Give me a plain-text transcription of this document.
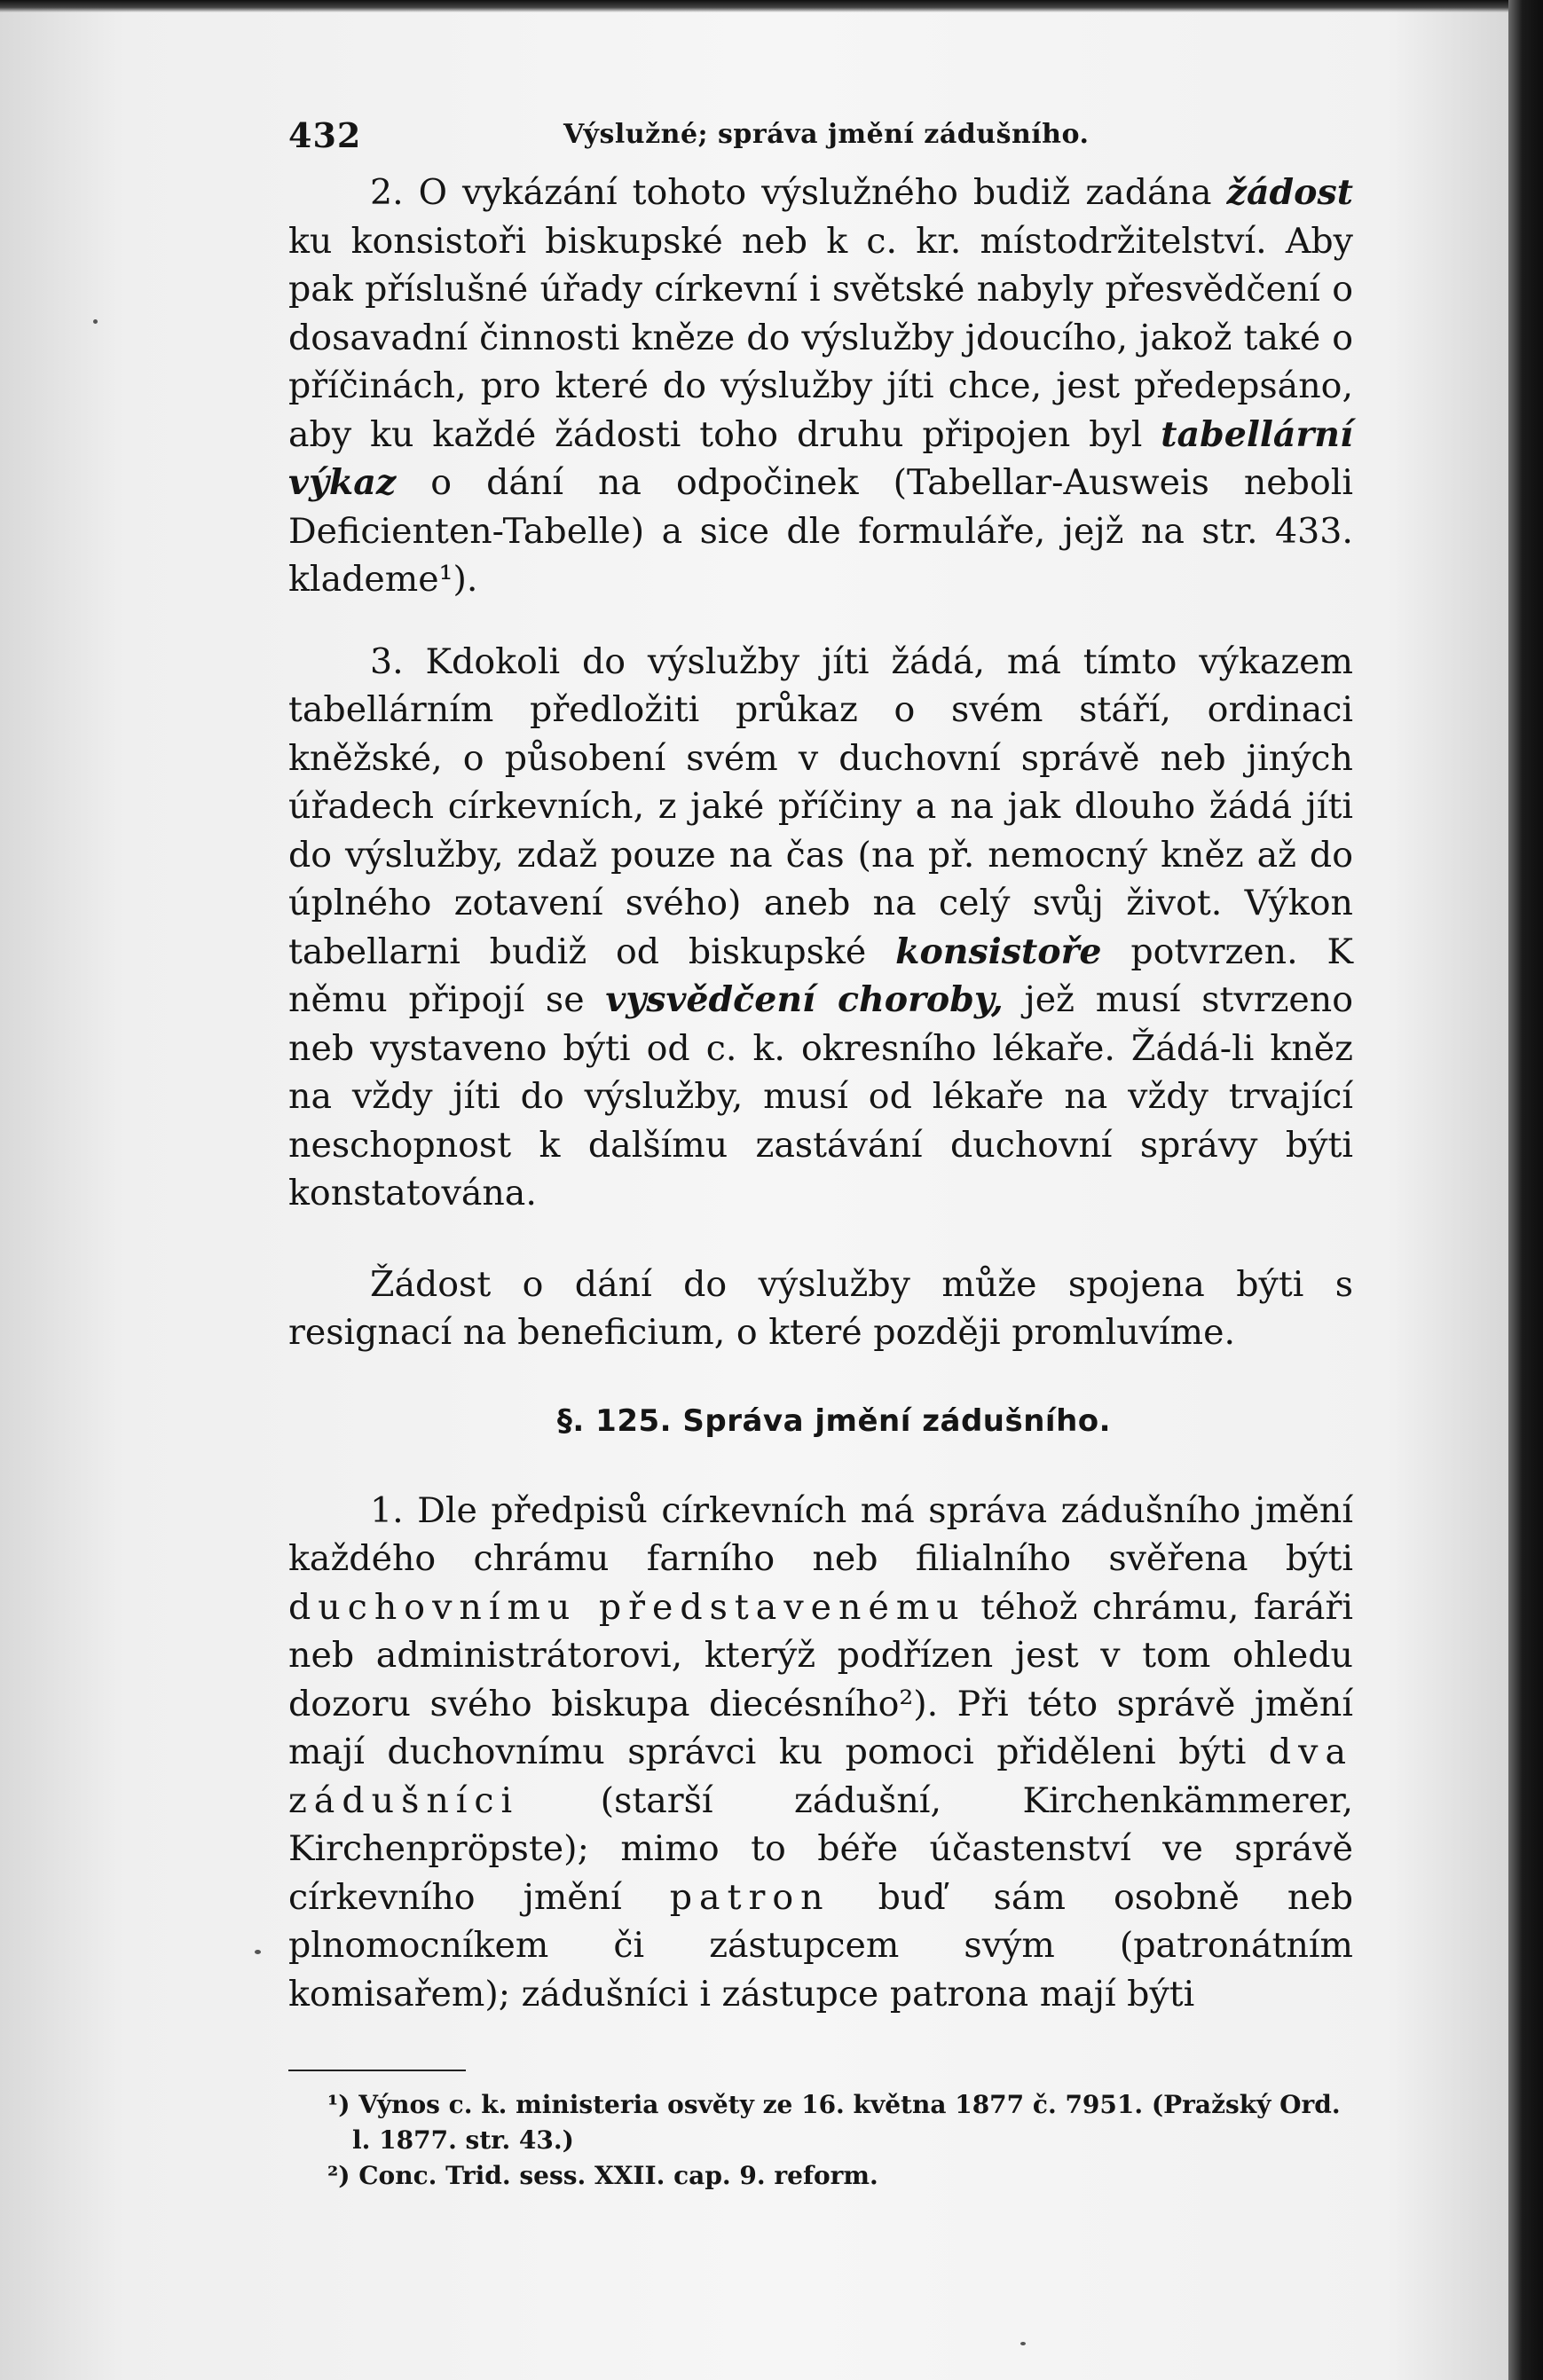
432	Výslužné; správa jmění zádušního.

2. O vykázání tohoto výslužného budiž zadána žádost ku konsistoři biskupské neb k c. kr. místodržitelství. Aby pak příslušné úřady církevní i světské nabyly přesvědčení o dosavadní činnosti kněze do výslužby jdoucího, jakož také o příčinách, pro které do výslužby jíti chce, jest předepsáno, aby ku každé žádosti toho druhu připojen byl tabellární výkaz o dání na odpočinek (Tabellar-Ausweis neboli Deficienten-Tabelle) a sice dle formuláře, jejž na str. 433. klademe¹).

3. Kdokoli do výslužby jíti žádá, má tímto výkazem tabellárním předložiti průkaz o svém stáří, ordinaci kněžské, o působení svém v duchovní správě neb jiných úřadech církevních, z jaké příčiny a na jak dlouho žádá jíti do výslužby, zdaž pouze na čas (na př. nemocný kněz až do úplného zotavení svého) aneb na celý svůj život. Výkon tabellarni budiž od biskupské konsistoře potvrzen. K němu připojí se vysvědčení choroby, jež musí stvrzeno neb vystaveno býti od c. k. okresního lékaře. Žádá-li kněz na vždy jíti do výslužby, musí od lékaře na vždy trvající neschopnost k dalšímu zastávání duchovní správy býti konstatována.

Žádost o dání do výslužby může spojena býti s resignací na beneficium, o které později promluvíme.

§. 125. Správa jmění zádušního.

1. Dle předpisů církevních má správa zádušního jmění každého chrámu farního neb filialního svěřena býti duchovnímu představenému téhož chrámu, faráři neb administrátorovi, kterýž podřízen jest v tom ohledu dozoru svého biskupa diecésního²). Při této správě jmění mají duchovnímu správci ku pomoci přiděleni býti dva zádušníci (starší zádušní, Kirchenkämmerer, Kirchenpröpste); mimo to béře účastenství ve správě církevního jmění patron buď sám osobně neb plnomocníkem či zástupcem svým (patronátním komisařem); zádušníci i zástupce patrona mají býti

¹) Výnos c. k. ministeria osvěty ze 16. května 1877 č. 7951. (Pražský Ord. l. 1877. str. 43.)

²) Conc. Trid. sess. XXII. cap. 9. reform.
